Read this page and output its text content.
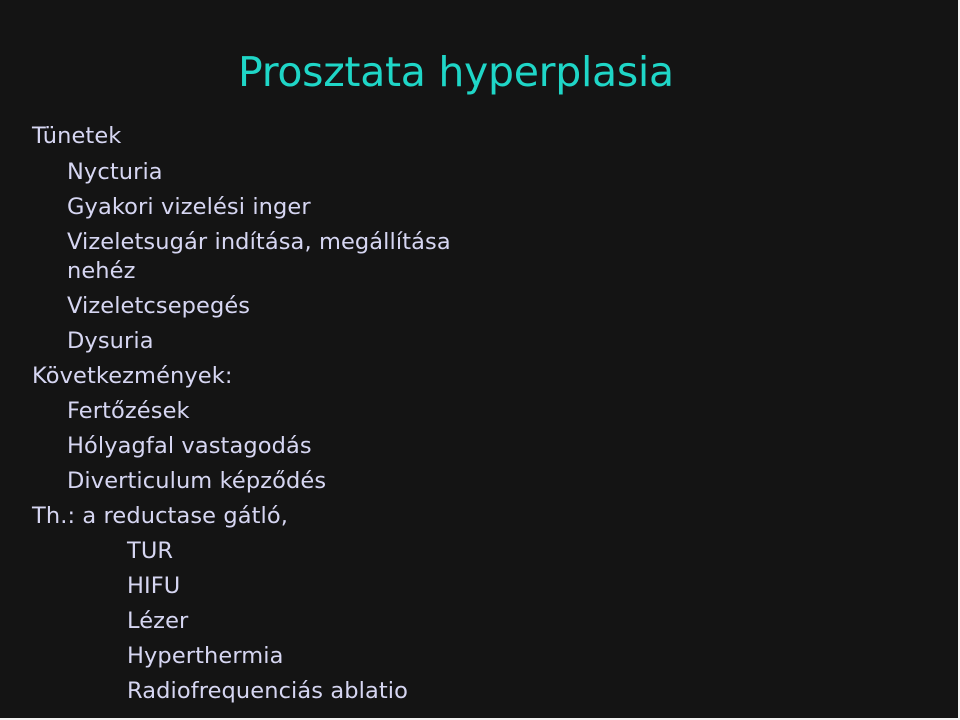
Prosztata hyperplasia
Tünetek
Nycturia
Gyakori vizelési inger
Vizeletsugár indítása, megállítása
nehéz
Vizeletcsepegés
Dysuria
Következmények:
Fertőzések
Hólyagfal vastagodás
Diverticulum képződés
Th.: a reductase gátló,
TUR
HIFU
Lézer
Hyperthermia
Radiofrequenciás ablatio
